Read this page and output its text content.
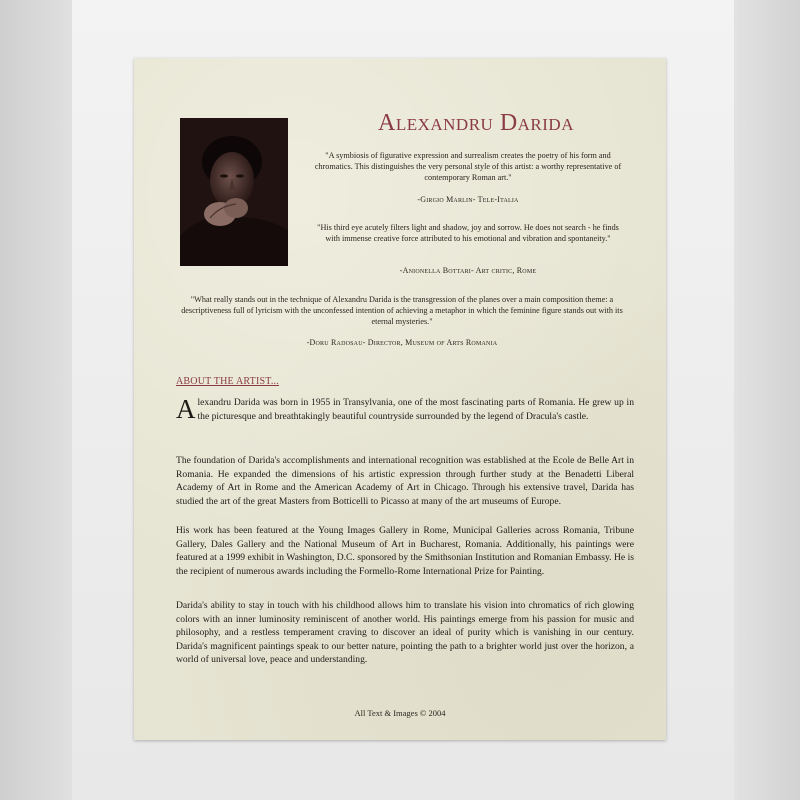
Alexandru Darida
"A symbiosis of figurative expression and surrealism creates the poetry of his form and chromatics. This distinguishes the very personal style of this artist: a worthy representative of contemporary Roman art."
-Girgio Marlin- Tele-Italia
"His third eye acutely filters light and shadow, joy and sorrow. He does not search - he finds with immense creative force attributed to his emotional and vibration and spontaneity."
-Anionella Bottari- Art critic, Rome
"What really stands out in the technique of Alexandru Darida is the transgression of the planes over a main composition theme: a descriptiveness full of lyricism with the unconfessed intention of achieving a metaphor in which the feminine figure stands out with its eternal mysteries."
-Doru Radosau- Director, Museum of Arts Romania
ABOUT THE ARTIST...
Alexandru Darida was born in 1955 in Transylvania, one of the most fascinating parts of Romania. He grew up in the picturesque and breathtakingly beautiful countryside surrounded by the legend of Dracula's castle.
The foundation of Darida's accomplishments and international recognition was established at the Ecole de Belle Art in Romania. He expanded the dimensions of his artistic expression through further study at the Benadetti Liberal Academy of Art in Rome and the American Academy of Art in Chicago. Through his extensive travel, Darida has studied the art of the great Masters from Botticelli to Picasso at many of the art museums of Europe.
His work has been featured at the Young Images Gallery in Rome, Municipal Galleries across Romania, Tribune Gallery, Dales Gallery and the National Museum of Art in Bucharest, Romania. Additionally, his paintings were featured at a 1999 exhibit in Washington, D.C. sponsored by the Smithsonian Institution and Romanian Embassy. He is the recipient of numerous awards including the Formello-Rome International Prize for Painting.
Darida's ability to stay in touch with his childhood allows him to translate his vision into chromatics of rich glowing colors with an inner luminosity reminiscent of another world. His paintings emerge from his passion for music and philosophy, and a restless temperament craving to discover an ideal of purity which is vanishing in our century. Darida's magnificent paintings speak to our better nature, pointing the path to a brighter world just over the horizon, a world of universal love, peace and understanding.
All Text & Images © 2004
